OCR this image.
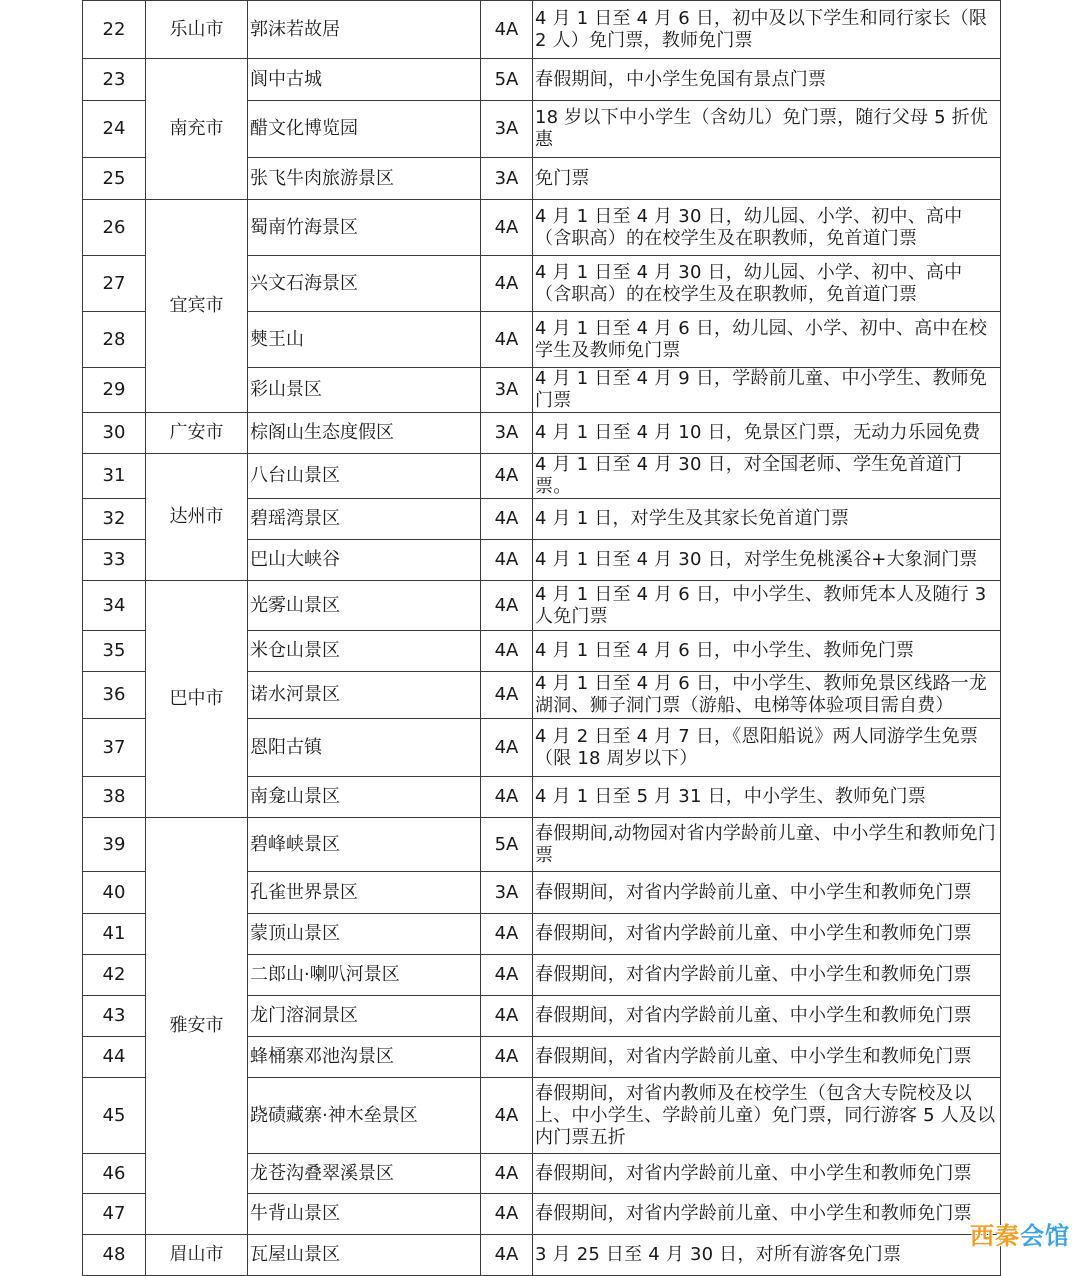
22	乐山市	郭沫若故居	4A	4 月 1 日至 4 月 6 日，初中及以下学生和同行家长（限 2 人）免门票，教师免门票
23	南充市	阆中古城	5A	春假期间，中小学生免国有景点门票
24		醋文化博览园	3A	18 岁以下中小学生（含幼儿）免门票，随行父母 5 折优惠
25		张飞牛肉旅游景区	3A	免门票
26	宜宾市	蜀南竹海景区	4A	4 月 1 日至 4 月 30 日，幼儿园、小学、初中、高中（含职高）的在校学生及在职教师，免首道门票
27		兴文石海景区	4A	4 月 1 日至 4 月 30 日，幼儿园、小学、初中、高中（含职高）的在校学生及在职教师，免首道门票
28		僰王山	4A	4 月 1 日至 4 月 6 日，幼儿园、小学、初中、高中在校学生及教师免门票
29		彩山景区	3A	4 月 1 日至 4 月 9 日，学龄前儿童、中小学生、教师免门票
30	广安市	棕阁山生态度假区	3A	4 月 1 日至 4 月 10 日，免景区门票，无动力乐园免费
31	达州市	八台山景区	4A	4 月 1 日至 4 月 30 日，对全国老师、学生免首道门票。
32		碧瑶湾景区	4A	4 月 1 日，对学生及其家长免首道门票
33		巴山大峡谷	4A	4 月 1 日至 4 月 30 日，对学生免桃溪谷+大象洞门票
34	巴中市	光雾山景区	4A	4 月 1 日至 4 月 6 日，中小学生、教师凭本人及随行 3 人免门票
35		米仓山景区	4A	4 月 1 日至 4 月 6 日，中小学生、教师免门票
36		诺水河景区	4A	4 月 1 日至 4 月 6 日，中小学生、教师免景区线路一龙湖洞、狮子洞门票（游船、电梯等体验项目需自费）
37		恩阳古镇	4A	4 月 2 日至 4 月 7 日，《恩阳船说》两人同游学生免票（限 18 周岁以下）
38		南龛山景区	4A	4 月 1 日至 5 月 31 日，中小学生、教师免门票
39	雅安市	碧峰峡景区	5A	春假期间,动物园对省内学龄前儿童、中小学生和教师免门票
40		孔雀世界景区	3A	春假期间，对省内学龄前儿童、中小学生和教师免门票
41		蒙顶山景区	4A	春假期间，对省内学龄前儿童、中小学生和教师免门票
42		二郎山·喇叭河景区	4A	春假期间，对省内学龄前儿童、中小学生和教师免门票
43		龙门溶洞景区	4A	春假期间，对省内学龄前儿童、中小学生和教师免门票
44		蜂桶寨邓池沟景区	4A	春假期间，对省内学龄前儿童、中小学生和教师免门票
45		跷碛藏寨·神木垒景区	4A	春假期间，对省内教师及在校学生（包含大专院校及以上、中小学生、学龄前儿童）免门票，同行游客 5 人及以内门票五折
46		龙苍沟叠翠溪景区	4A	春假期间，对省内学龄前儿童、中小学生和教师免门票
47		牛背山景区	4A	春假期间，对省内学龄前儿童、中小学生和教师免门票
48	眉山市	瓦屋山景区	4A	3 月 25 日至 4 月 30 日，对所有游客免门票
西秦会馆
